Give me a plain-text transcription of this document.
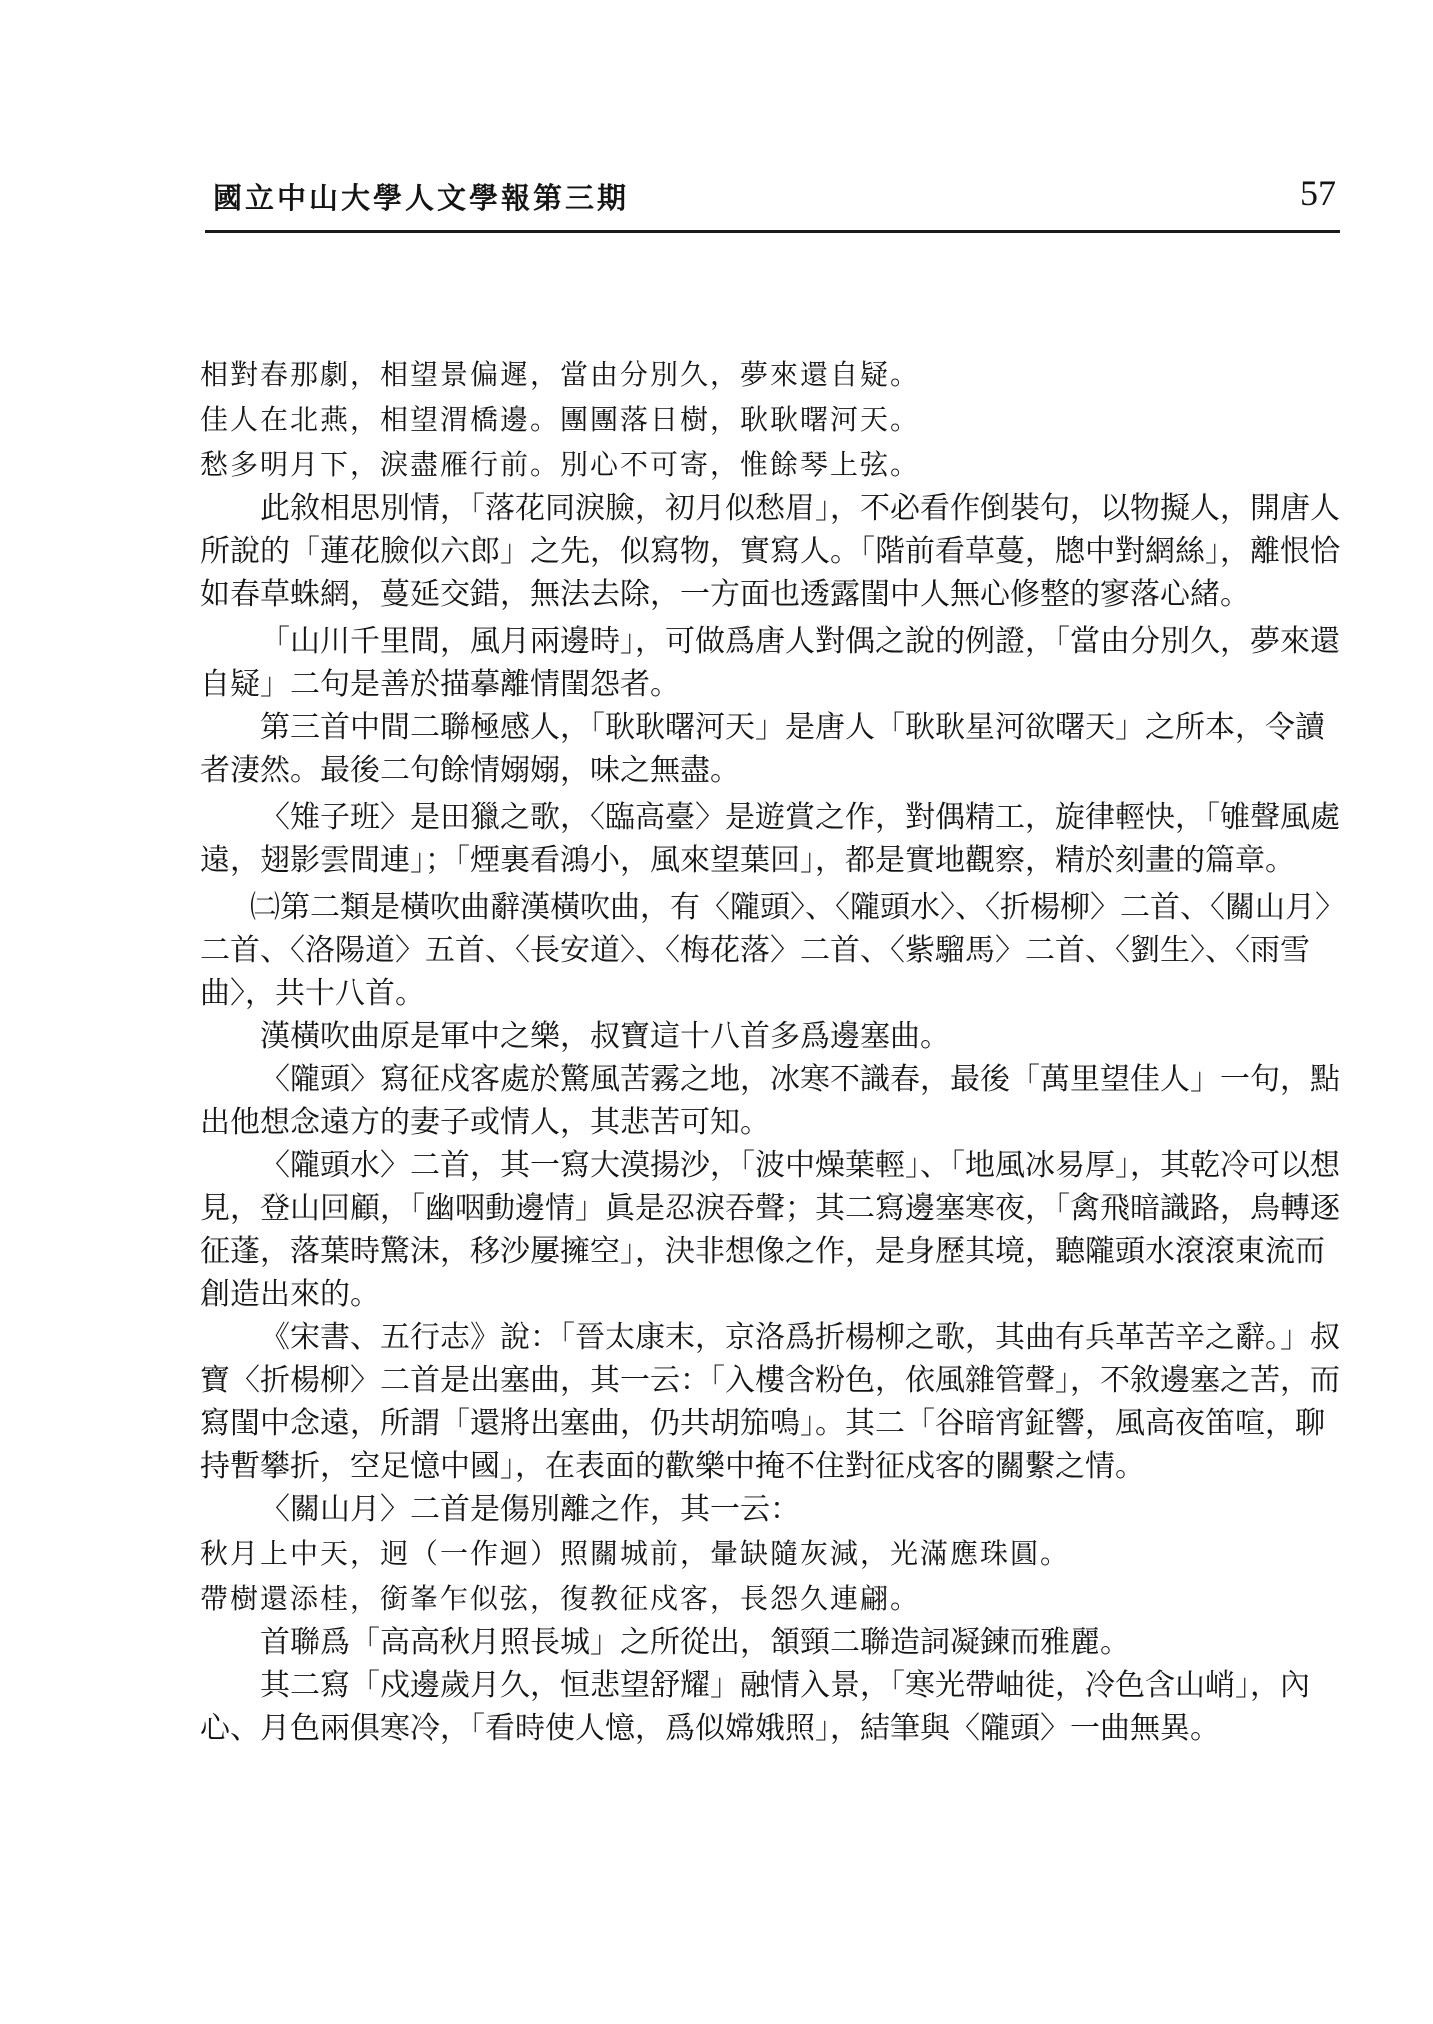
國立中山大學人文學報第三期	57

相對春那劇，相望景偏遲，當由分別久，夢來還自疑。

佳人在北燕，相望渭橋邊。團團落日樹，耿耿曙河天。

愁多明月下，淚盡雁行前。別心不可寄，惟餘琴上弦。

此敘相思別情，「落花同淚臉，初月似愁眉」，不必看作倒裝句，以物擬人，開唐人所說的「蓮花臉似六郎」之先，似寫物，實寫人。「階前看草蔓，牕中對網絲」，離恨恰如春草蛛網，蔓延交錯，無法去除，一方面也透露閨中人無心修整的寥落心緒。

「山川千里間，風月兩邊時」，可做爲唐人對偶之說的例證，「當由分別久，夢來還自疑」二句是善於描摹離情閨怨者。

第三首中間二聯極感人，「耿耿曙河天」是唐人「耿耿星河欲曙天」之所本，令讀者淒然。最後二句餘情嫋嫋，味之無盡。

〈雉子班〉是田獵之歌，〈臨高臺〉是遊賞之作，對偶精工，旋律輕快，「雊聲風處遠，翅影雲間連」；「煙裏看鴻小，風來望葉回」，都是實地觀察，精於刻畫的篇章。

㈡第二類是橫吹曲辭漢橫吹曲，有〈隴頭〉、〈隴頭水〉、〈折楊柳〉二首、〈關山月〉二首、〈洛陽道〉五首、〈長安道〉、〈梅花落〉二首、〈紫騮馬〉二首、〈劉生〉、〈雨雪曲〉，共十八首。

漢橫吹曲原是軍中之樂，叔寶這十八首多爲邊塞曲。

〈隴頭〉寫征戍客處於驚風苦霧之地，冰寒不識春，最後「萬里望佳人」一句，點出他想念遠方的妻子或情人，其悲苦可知。

〈隴頭水〉二首，其一寫大漠揚沙，「波中燥葉輕」、「地風冰易厚」，其乾冷可以想見，登山回顧，「幽咽動邊情」眞是忍淚吞聲；其二寫邊塞寒夜，「禽飛暗識路，鳥轉逐征蓬，落葉時驚沫，移沙屢擁空」，決非想像之作，是身歷其境，聽隴頭水滾滾東流而創造出來的。

《宋書、五行志》說：「晉太康末，京洛爲折楊柳之歌，其曲有兵革苦辛之辭。」叔寶〈折楊柳〉二首是出塞曲，其一云：「入樓含粉色，依風雜管聲」，不敘邊塞之苦，而寫閨中念遠，所謂「還將出塞曲，仍共胡笳鳴」。其二「谷暗宵鉦響，風高夜笛喧，聊持暫攀折，空足憶中國」，在表面的歡樂中掩不住對征戍客的關繫之情。

〈關山月〉二首是傷別離之作，其一云：

秋月上中天，迥（一作迴）照關城前，暈缺隨灰減，光滿應珠圓。

帶樹還添桂，銜峯乍似弦，復教征戍客，長怨久連翩。

首聯爲「高高秋月照長城」之所從出，頷頸二聯造詞凝鍊而雅麗。

其二寫「戍邊歲月久，恒悲望舒耀」融情入景，「寒光帶岫徙，冷色含山峭」，內心、月色兩俱寒冷，「看時使人憶，爲似嫦娥照」，結筆與〈隴頭〉一曲無異。
